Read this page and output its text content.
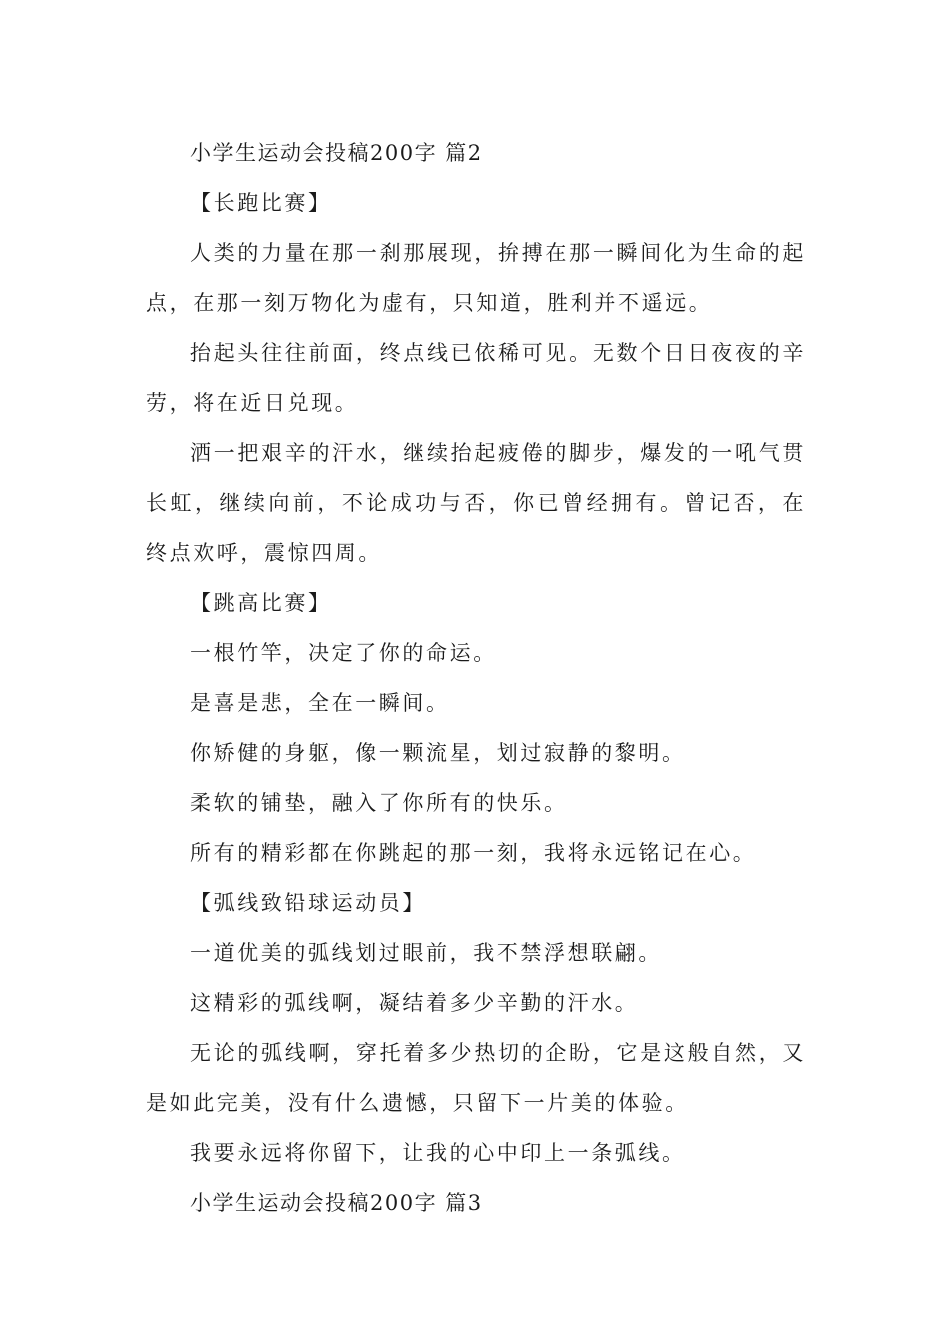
小学生运动会投稿200字 篇2

【长跑比赛】

人类的力量在那一刹那展现，拚搏在那一瞬间化为生命的起点，在那一刻万物化为虚有，只知道，胜利并不遥远。

抬起头往往前面，终点线已依稀可见。无数个日日夜夜的辛劳，将在近日兑现。

洒一把艰辛的汗水，继续抬起疲倦的脚步，爆发的一吼气贯长虹，继续向前，不论成功与否，你已曾经拥有。曾记否，在终点欢呼，震惊四周。

【跳高比赛】

一根竹竿，决定了你的命运。

是喜是悲，全在一瞬间。

你矫健的身躯，像一颗流星，划过寂静的黎明。

柔软的铺垫，融入了你所有的快乐。

所有的精彩都在你跳起的那一刻，我将永远铭记在心。

【弧线致铅球运动员】

一道优美的弧线划过眼前，我不禁浮想联翩。

这精彩的弧线啊，凝结着多少辛勤的汗水。

无论的弧线啊，穿托着多少热切的企盼，它是这般自然，又是如此完美，没有什么遗憾，只留下一片美的体验。

我要永远将你留下，让我的心中印上一条弧线。

小学生运动会投稿200字 篇3
